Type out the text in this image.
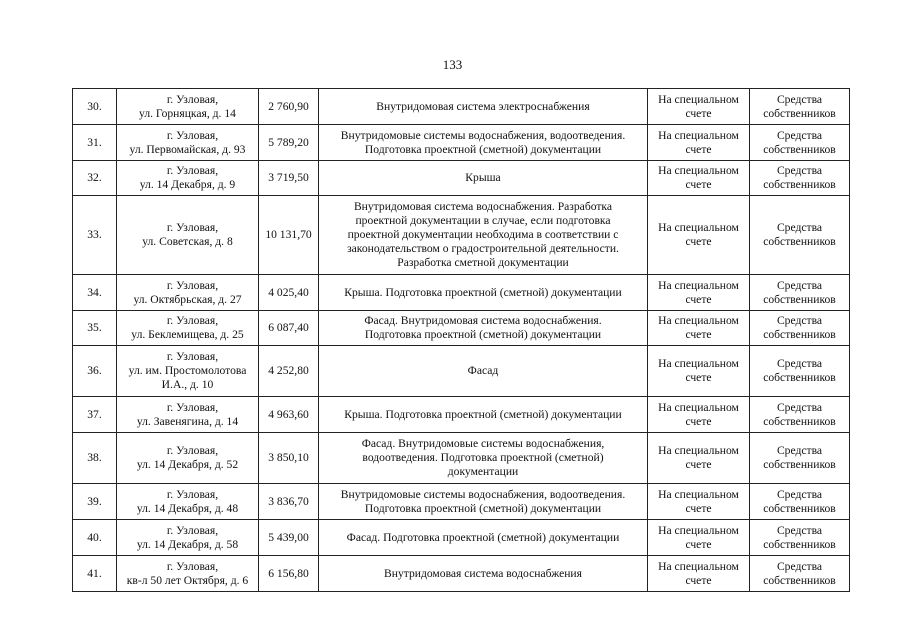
133
30.	г. Узловая,
ул. Горняцкая, д. 14	2 760,90	Внутридомовая система электроснабжения	На специальном
счете	Средства
собственников

31.	г. Узловая,
ул. Первомайская, д. 93	5 789,20	Внутридомовые системы водоснабжения, водоотведения.
Подготовка проектной (сметной) документации	На специальном
счете	Средства
собственников

32.	г. Узловая,
ул. 14 Декабря, д. 9	3 719,50	Крыша	На специальном
счете	Средства
собственников

33.	г. Узловая,
ул. Советская, д. 8	10 131,70	Внутридомовая система водоснабжения. Разработка
проектной документации в случае, если подготовка
проектной документации необходима в соответствии с
законодательством о градостроительной деятельности.
Разработка сметной документации	На специальном
счете	Средства
собственников

34.	г. Узловая,
ул. Октябрьская, д. 27	4 025,40	Крыша. Подготовка проектной (сметной) документации	На специальном
счете	Средства
собственников

35.	г. Узловая,
ул. Беклемищева, д. 25	6 087,40	Фасад. Внутридомовая система водоснабжения.
Подготовка проектной (сметной) документации	На специальном
счете	Средства
собственников

36.	г. Узловая,
ул. им. Простомолотова
И.А., д. 10	4 252,80	Фасад	На специальном
счете	Средства
собственников

37.	г. Узловая,
ул. Завенягина, д. 14	4 963,60	Крыша. Подготовка проектной (сметной) документации	На специальном
счете	Средства
собственников

38.	г. Узловая,
ул. 14 Декабря, д. 52	3 850,10	Фасад. Внутридомовые системы водоснабжения,
водоотведения. Подготовка проектной (сметной)
документации	На специальном
счете	Средства
собственников

39.	г. Узловая,
ул. 14 Декабря, д. 48	3 836,70	Внутридомовые системы водоснабжения, водоотведения.
Подготовка проектной (сметной) документации	На специальном
счете	Средства
собственников

40.	г. Узловая,
ул. 14 Декабря, д. 58	5 439,00	Фасад. Подготовка проектной (сметной) документации	На специальном
счете	Средства
собственников

41.	г. Узловая,
кв-л 50 лет Октября, д. 6	6 156,80	Внутридомовая система водоснабжения	На специальном
счете	Средства
собственников
